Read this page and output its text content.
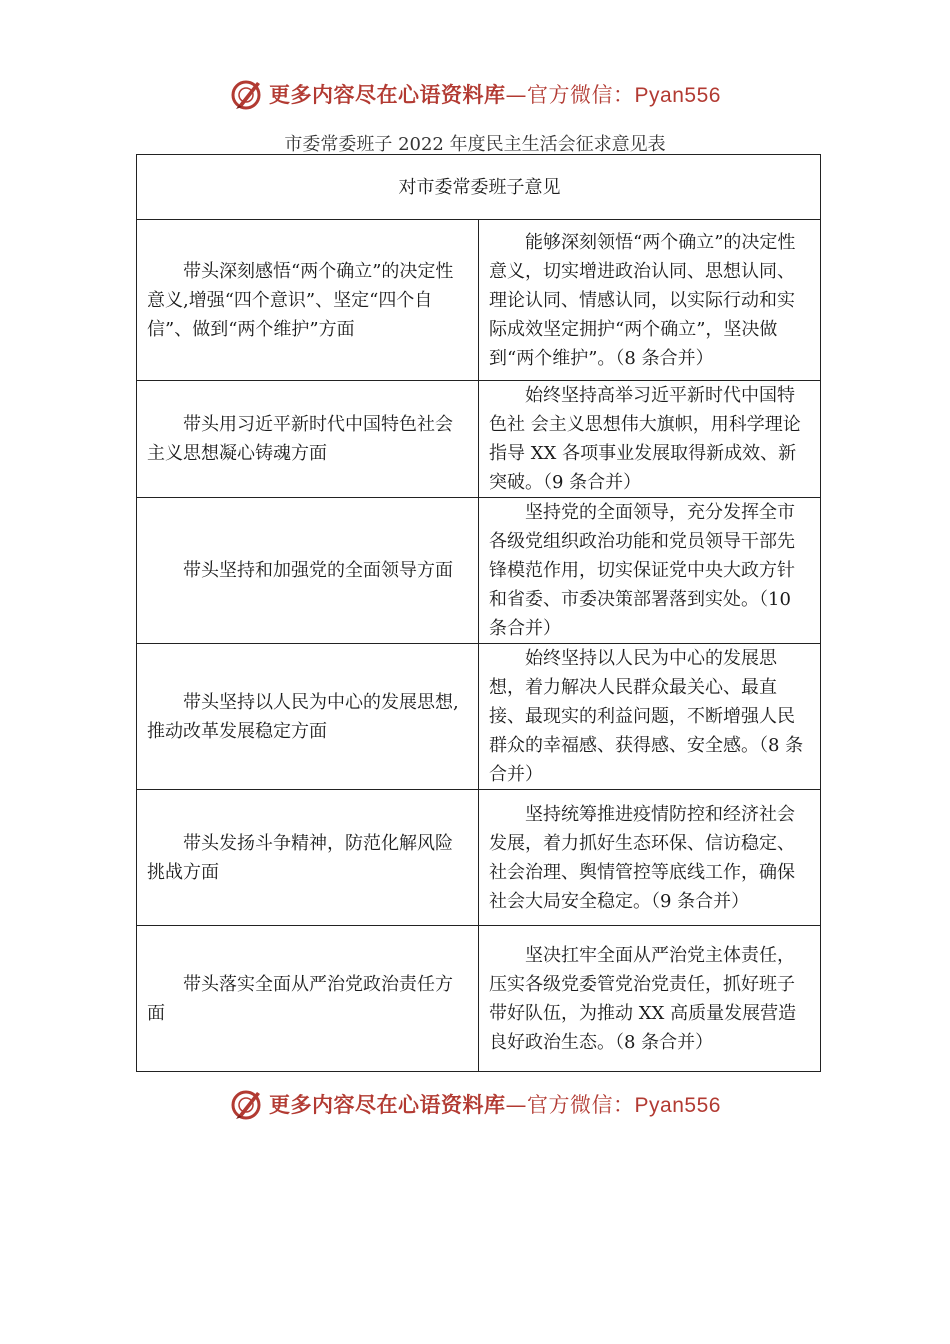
更多内容尽在心语资料库—官方微信：Pyan556
市委常委班子 2022 年度民主生活会征求意见表
对市委常委班子意见	

带头深刻感悟“两个确立”的决定性意义,增强“四个意识”、坚定“四个自信”、做到“两个维护”方面	能够深刻领悟“两个确立”的决定性意义，切实增进政治认同、思想认同、理论认同、情感认同，以实际行动和实际成效坚定拥护“两个确立”，坚决做到“两个维护”。（8 条合并）

带头用习近平新时代中国特色社会主义思想凝心铸魂方面	始终坚持高举习近平新时代中国特色社 会主义思想伟大旗帜，用科学理论指导 XX 各项事业发展取得新成效、新突破。（9 条合并）

带头坚持和加强党的全面领导方面	坚持党的全面领导，充分发挥全市各级党组织政治功能和党员领导干部先锋模范作用，切实保证党中央大政方针和省委、市委决策部署落到实处。（10 条合并）

带头坚持以人民为中心的发展思想,推动改革发展稳定方面	始终坚持以人民为中心的发展思想，着力解决人民群众最关心、最直接、最现实的利益问题，不断增强人民群众的幸福感、获得感、安全感。（8 条合并）

带头发扬斗争精神，防范化解风险挑战方面	坚持统筹推进疫情防控和经济社会发展，着力抓好生态环保、信访稳定、社会治理、舆情管控等底线工作，确保社会大局安全稳定。（9 条合并）

带头落实全面从严治党政治责任方面	坚决扛牢全面从严治党主体责任，压实各级党委管党治党责任，抓好班子带好队伍，为推动 XX 高质量发展营造良好政治生态。（8 条合并）
更多内容尽在心语资料库—官方微信：Pyan556
